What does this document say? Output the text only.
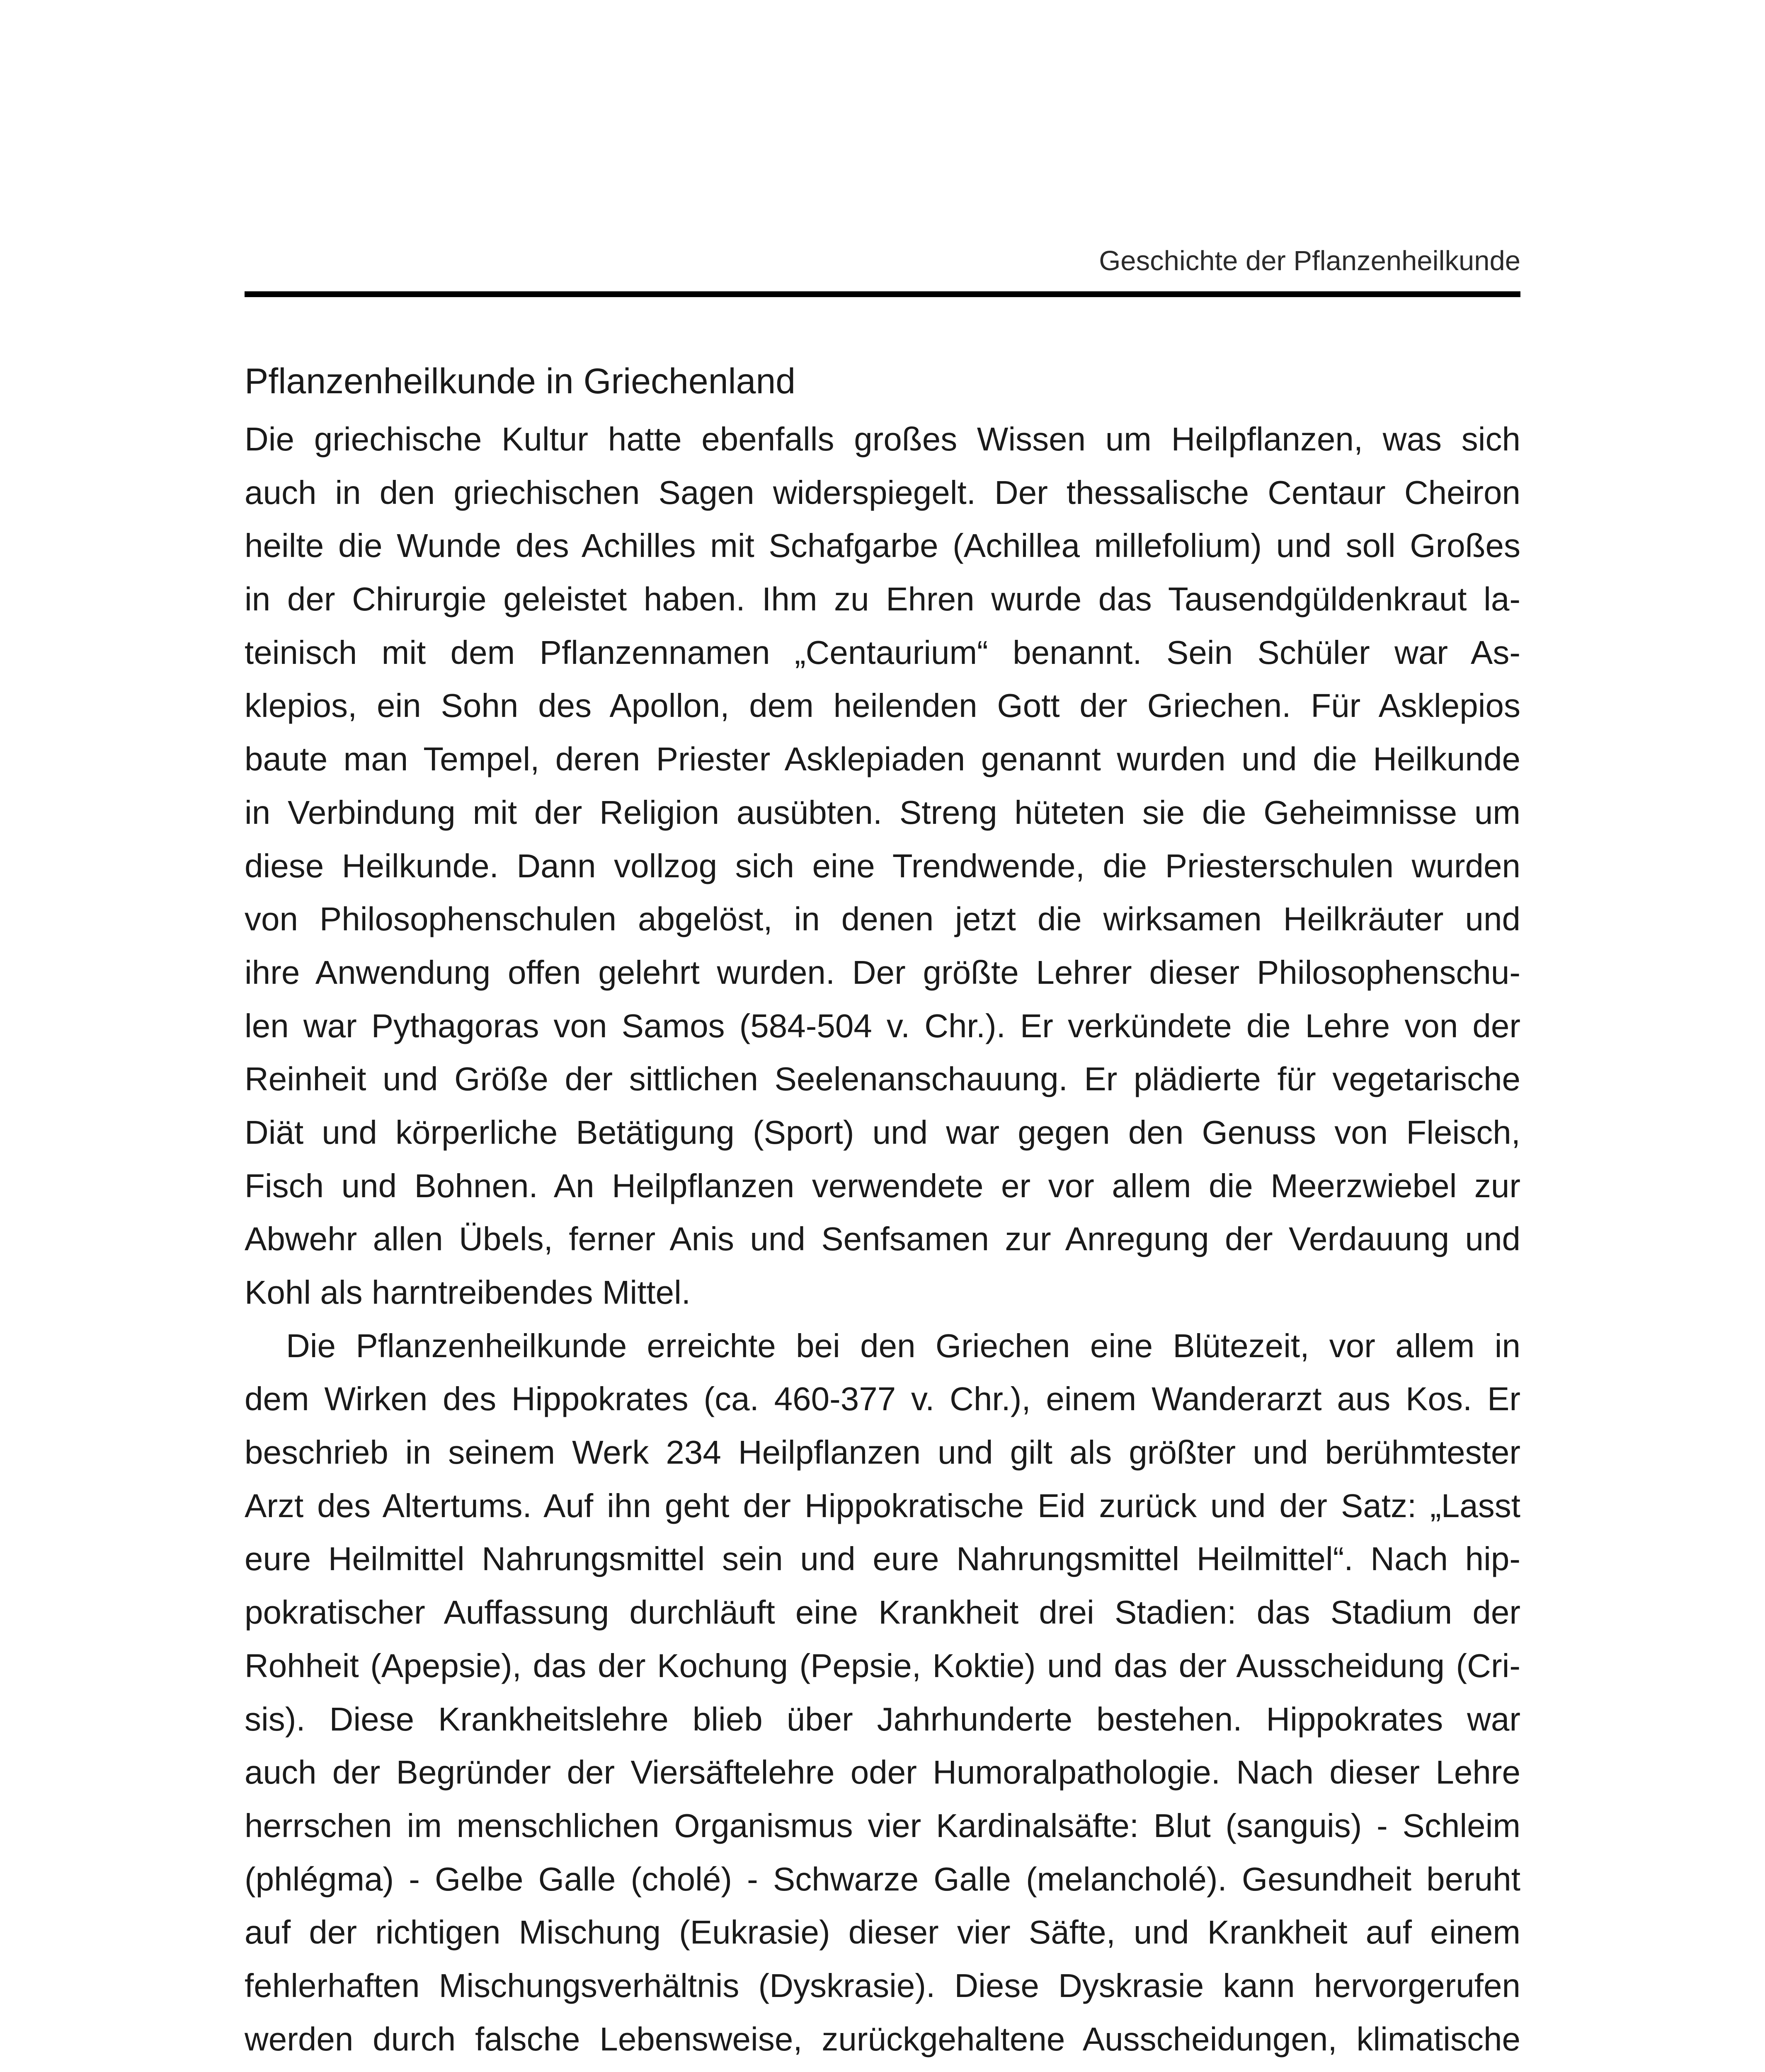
Geschichte der Pflanzenheilkunde
Pflanzenheilkunde in Griechenland
Die griechische Kultur hatte ebenfalls großes Wissen um Heilpflanzen, was sich
auch in den griechischen Sagen widerspiegelt. Der thessalische Centaur Cheiron
heilte die Wunde des Achilles mit Schafgarbe (Achillea millefolium) und soll Großes
in der Chirurgie geleistet haben. Ihm zu Ehren wurde das Tausendgüldenkraut la-
teinisch mit dem Pflanzennamen „Centaurium“ benannt. Sein Schüler war As-
klepios, ein Sohn des Apollon, dem heilenden Gott der Griechen. Für Asklepios
baute man Tempel, deren Priester Asklepiaden genannt wurden und die Heilkunde
in Verbindung mit der Religion ausübten. Streng hüteten sie die Geheimnisse um
diese Heilkunde. Dann vollzog sich eine Trendwende, die Priesterschulen wurden
von Philosophenschulen abgelöst, in denen jetzt die wirksamen Heilkräuter und
ihre Anwendung offen gelehrt wurden. Der größte Lehrer dieser Philosophenschu-
len war Pythagoras von Samos (584-504 v. Chr.). Er verkündete die Lehre von der
Reinheit und Größe der sittlichen Seelenanschauung. Er plädierte für vegetarische
Diät und körperliche Betätigung (Sport) und war gegen den Genuss von Fleisch,
Fisch und Bohnen. An Heilpflanzen verwendete er vor allem die Meerzwiebel zur
Abwehr allen Übels, ferner Anis und Senfsamen zur Anregung der Verdauung und
Kohl als harntreibendes Mittel.
Die Pflanzenheilkunde erreichte bei den Griechen eine Blütezeit, vor allem in
dem Wirken des Hippokrates (ca. 460-377 v. Chr.), einem Wanderarzt aus Kos. Er
beschrieb in seinem Werk 234 Heilpflanzen und gilt als größter und berühmtester
Arzt des Altertums. Auf ihn geht der Hippokratische Eid zurück und der Satz: „Lasst
eure Heilmittel Nahrungsmittel sein und eure Nahrungsmittel Heilmittel“. Nach hip-
pokratischer Auffassung durchläuft eine Krankheit drei Stadien: das Stadium der
Rohheit (Apepsie), das der Kochung (Pepsie, Koktie) und das der Ausscheidung (Cri-
sis). Diese Krankheitslehre blieb über Jahrhunderte bestehen. Hippokrates war
auch der Begründer der Viersäftelehre oder Humoralpathologie. Nach dieser Lehre
herrschen im menschlichen Organismus vier Kardinalsäfte: Blut (sanguis) - Schleim
(phlégma) - Gelbe Galle (cholé) - Schwarze Galle (melancholé). Gesundheit beruht
auf der richtigen Mischung (Eukrasie) dieser vier Säfte, und Krankheit auf einem
fehlerhaften Mischungsverhältnis (Dyskrasie). Diese Dyskrasie kann hervorgerufen
werden durch falsche Lebensweise, zurückgehaltene Ausscheidungen, klimatische
